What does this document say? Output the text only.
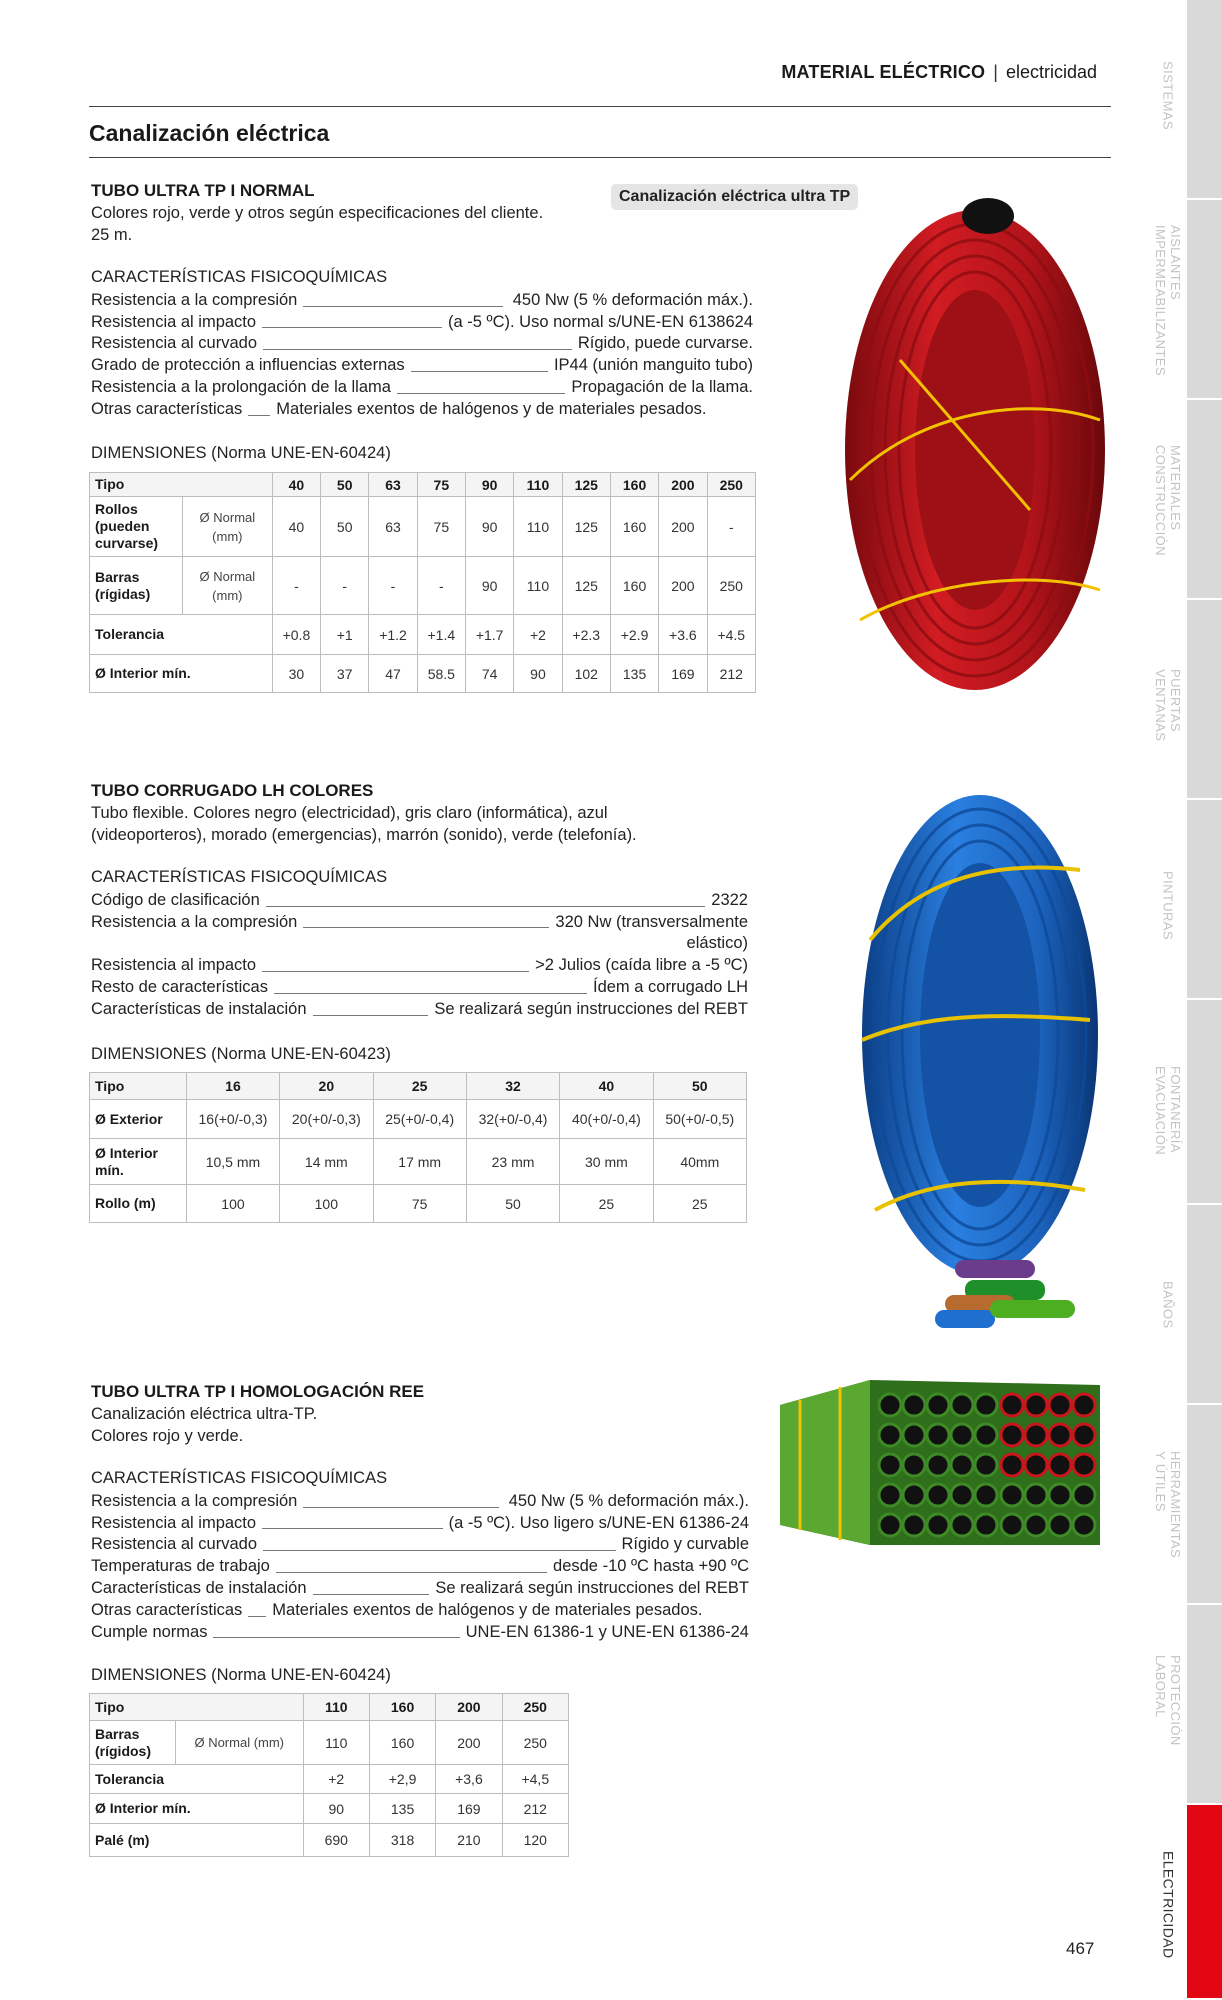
MATERIAL ELÉCTRICO | electricidad
Canalización eléctrica
SISTEMAS
AISLANTES
IMPERMEABILIZANTES
MATERIALES
CONSTRUCCIÓN
PUERTAS
VENTANAS
PINTURAS
FONTANERÍA
EVACUACIÓN
BAÑOS
HERRAMIENTAS
Y ÚTILES
PROTECCIÓN
LABORAL
ELECTRICIDAD
TUBO ULTRA TP I NORMAL
Colores rojo, verde y otros según especificaciones del cliente.
25 m.
Canalización eléctrica ultra TP
CARACTERÍSTICAS FISICOQUÍMICAS
Resistencia a la compresión	450 Nw (5 % deformación máx.).
Resistencia al impacto	(a -5 ºC). Uso normal s/UNE-EN 6138624
Resistencia al curvado	Rígido, puede curvarse.
Grado de protección a influencias externas	IP44 (unión manguito tubo)
Resistencia a la prolongación de la llama	Propagación de la llama.
Otras características Materiales exentos de halógenos y de materiales pesados.
DIMENSIONES (Norma UNE-EN-60424)
Tipo		40	50	63	75	90	110	125	160	200	250
Rollos (pueden curvarse)	Ø Normal (mm)	40	50	63	75	90	110	125	160	200	-
Barras (rígidas)	Ø Normal (mm)	-	-	-	-	90	110	125	160	200	250
Tolerancia		+0.8	+1	+1.2	+1.4	+1.7	+2	+2.3	+2.9	+3.6	+4.5
Ø Interior mín.		30	37	47	58.5	74	90	102	135	169	212
TUBO CORRUGADO LH COLORES
Tubo flexible. Colores negro (electricidad), gris claro (informática), azul
(videoporteros), morado (emergencias), marrón (sonido), verde (telefonía).
CARACTERÍSTICAS FISICOQUÍMICAS
Código de clasificación	2322
Resistencia a la compresión	320 Nw (transversalmente
elástico)
Resistencia al impacto	>2 Julios (caída libre a -5 ºC)
Resto de características	Ídem a corrugado LH
Características de instalación	Se realizará según instrucciones del REBT
DIMENSIONES (Norma UNE-EN-60423)
Tipo	16	20	25	32	40	50
Ø Exterior	16(+0/-0,3)	20(+0/-0,3)	25(+0/-0,4)	32(+0/-0,4)	40(+0/-0,4)	50(+0/-0,5)
Ø Interior mín.	10,5 mm	14 mm	17 mm	23 mm	30 mm	40mm
Rollo (m)	100	100	75	50	25	25
TUBO ULTRA TP I HOMOLOGACIÓN REE
Canalización eléctrica ultra-TP.
Colores rojo y verde.
CARACTERÍSTICAS FISICOQUÍMICAS
Resistencia a la compresión	450 Nw (5 % deformación máx.).
Resistencia al impacto	(a -5 ºC). Uso ligero s/UNE-EN 61386-24
Resistencia al curvado	Rígido y curvable
Temperaturas de trabajo	desde -10 ºC hasta +90 ºC
Características de instalación	Se realizará según instrucciones del REBT
Otras características Materiales exentos de halógenos y de materiales pesados.
Cumple normas	UNE-EN 61386-1 y UNE-EN 61386-24
DIMENSIONES (Norma UNE-EN-60424)
Tipo		110	160	200	250
Barras (rígidos)	Ø Normal (mm)	110	160	200	250
Tolerancia		+2	+2,9	+3,6	+4,5
Ø Interior mín.		90	135	169	212
Palé (m)		690	318	210	120
467
